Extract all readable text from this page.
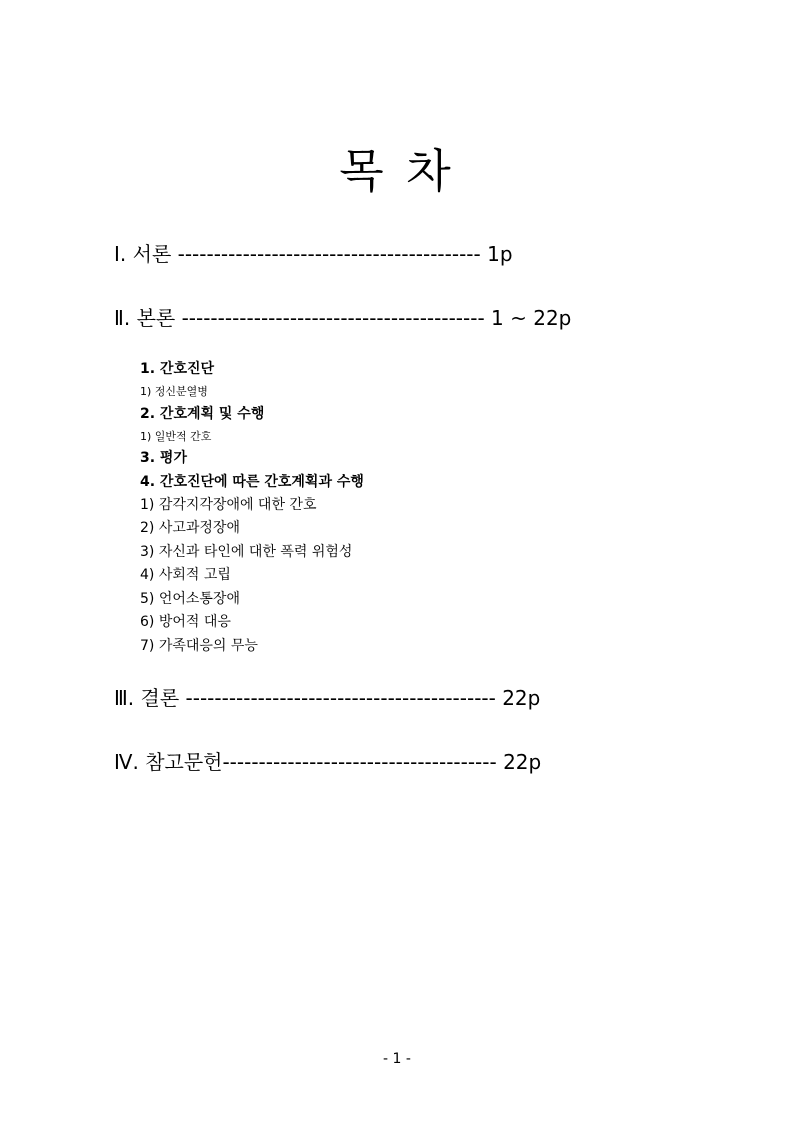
목 차
Ⅰ. 서론 ------------------------------------------ 1p
Ⅱ. 본론 ------------------------------------------ 1 ~ 22p
1. 간호진단
1) 정신분열병
2. 간호계획 및 수행
1) 일반적 간호
3. 평가
4. 간호진단에 따른 간호계획과 수행
1) 감각지각장애에 대한 간호
2) 사고과정장애
3) 자신과 타인에 대한 폭력 위험성
4) 사회적 고립
5) 언어소통장애
6) 방어적 대응
7) 가족대응의 무능
Ⅲ. 결론 ------------------------------------------- 22p
Ⅳ. 참고문헌-------------------------------------- 22p
- 1 -
